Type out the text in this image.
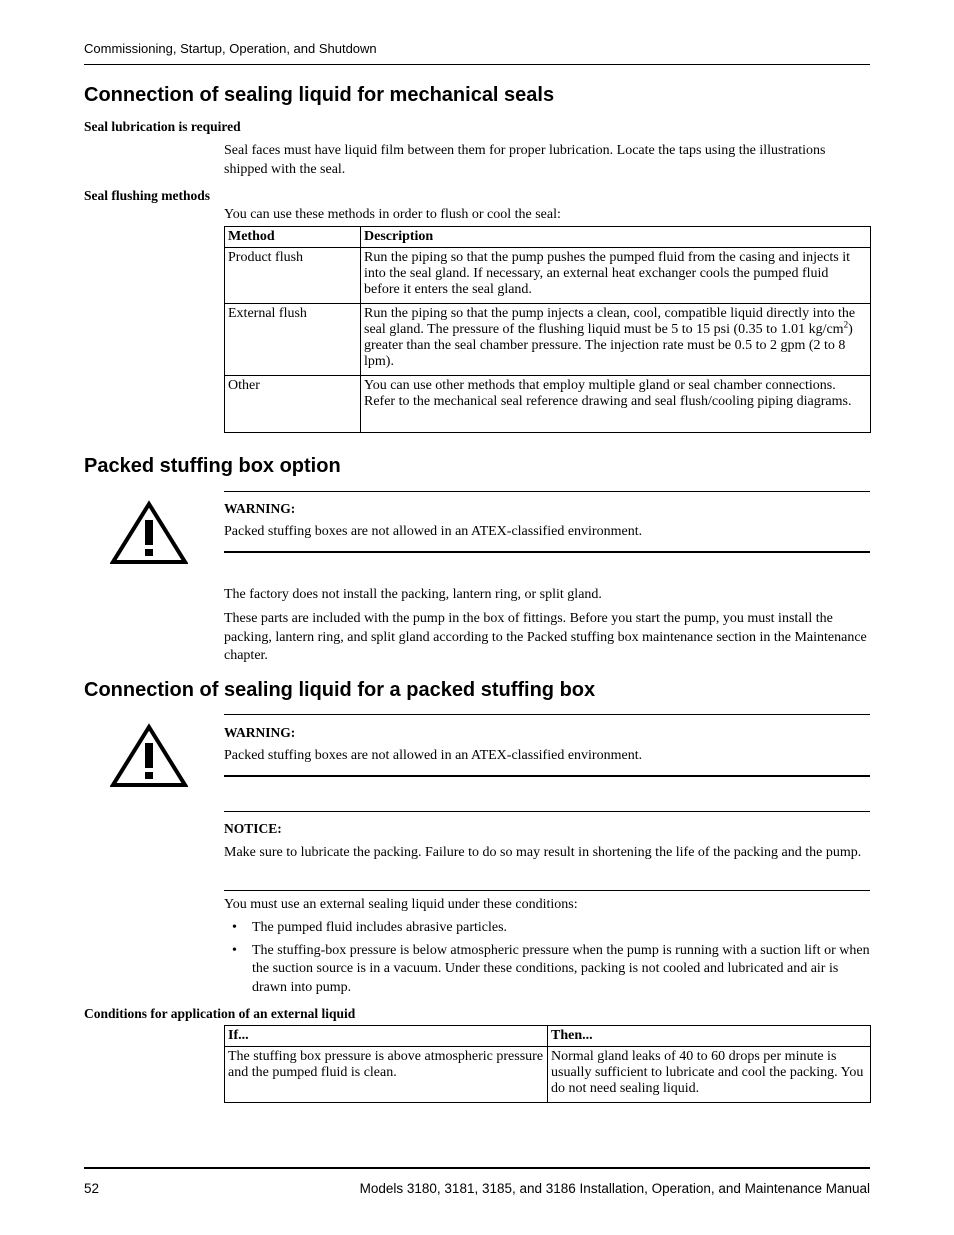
Commissioning, Startup, Operation, and Shutdown
Connection of sealing liquid for mechanical seals
Seal lubrication is required
Seal faces must have liquid film between them for proper lubrication. Locate the taps using the illustrations shipped with the seal.
Seal flushing methods
You can use these methods in order to flush or cool the seal:
Method	Description
Product flush	Run the piping so that the pump pushes the pumped fluid from the casing and injects it into the seal gland. If necessary, an external heat exchanger cools the pumped fluid before it enters the seal gland.
External flush	Run the piping so that the pump injects a clean, cool, compatible liquid directly into the seal gland. The pressure of the flushing liquid must be 5 to 15 psi (0.35 to 1.01 $kg/cm^2$) greater than the seal chamber pressure. The injection rate must be 0.5 to 2 gpm (2 to 8 lpm).
Other	You can use other methods that employ multiple gland or seal chamber connections. Refer to the mechanical seal reference drawing and seal flush/cooling piping diagrams.
Packed stuffing box option
WARNING:
Packed stuffing boxes are not allowed in an ATEX-classified environment.
The factory does not install the packing, lantern ring, or split gland.
These parts are included with the pump in the box of fittings. Before you start the pump, you must install the packing, lantern ring, and split gland according to the Packed stuffing box maintenance section in the Maintenance chapter.
Connection of sealing liquid for a packed stuffing box
WARNING:
Packed stuffing boxes are not allowed in an ATEX-classified environment.
NOTICE:
Make sure to lubricate the packing. Failure to do so may result in shortening the life of the packing and the pump.
You must use an external sealing liquid under these conditions:
• The pumped fluid includes abrasive particles.
• The stuffing-box pressure is below atmospheric pressure when the pump is running with a suction lift or when the suction source is in a vacuum. Under these conditions, packing is not cooled and lubricated and air is drawn into pump.
Conditions for application of an external liquid
If...	Then...
The stuffing box pressure is above atmospheric pressure and the pumped fluid is clean.	Normal gland leaks of 40 to 60 drops per minute is usually sufficient to lubricate and cool the packing. You do not need sealing liquid.
52	Models 3180, 3181, 3185, and 3186 Installation, Operation, and Maintenance Manual
